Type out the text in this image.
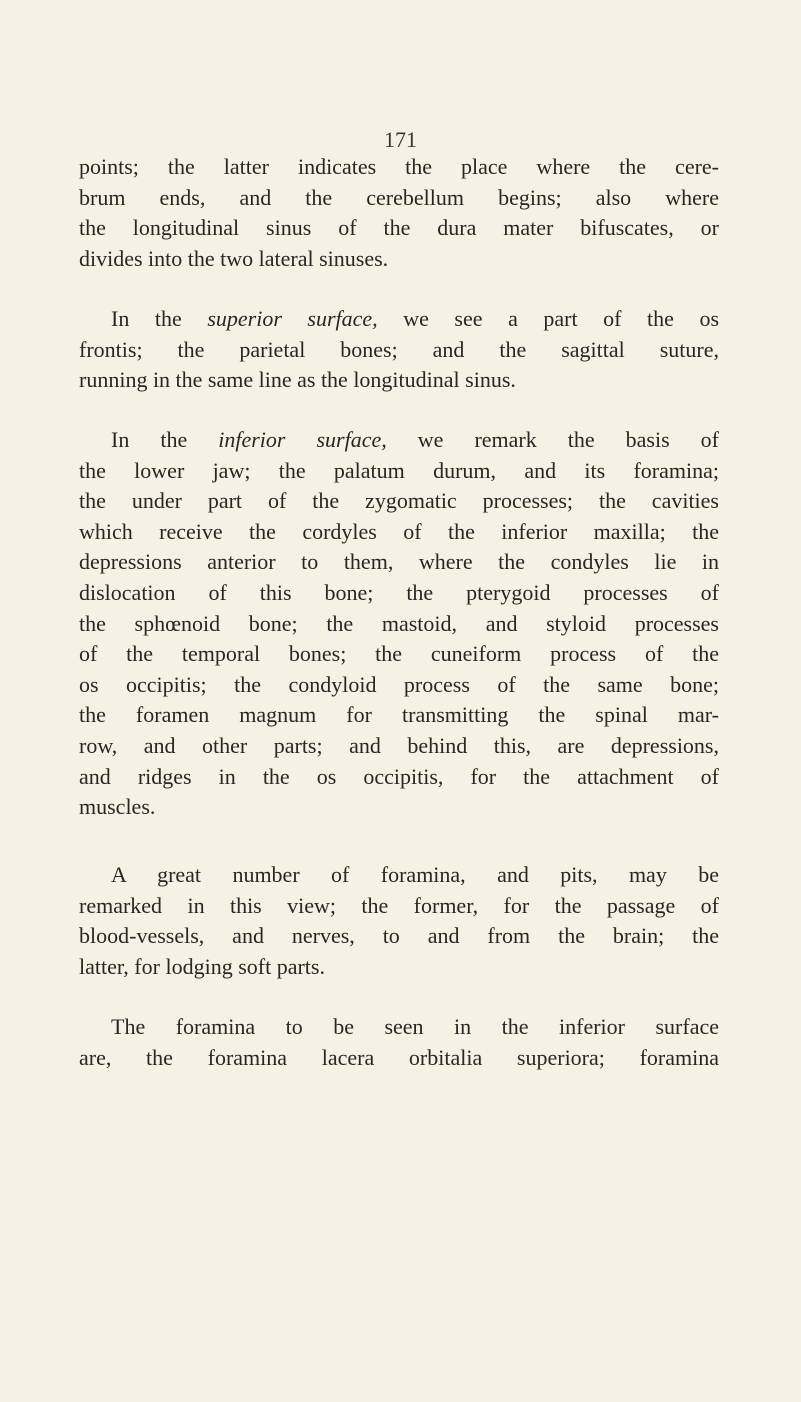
171
points; the latter indicates the place where the cere-
brum ends, and the cerebellum begins; also where
the longitudinal sinus of the dura mater bifuscates, or
divides into the two lateral sinuses.
In the superior surface, we see a part of the os
frontis; the parietal bones; and the sagittal suture,
running in the same line as the longitudinal sinus.
In the inferior surface, we remark the basis of
the lower jaw; the palatum durum, and its foramina;
the under part of the zygomatic processes; the cavities
which receive the cordyles of the inferior maxilla; the
depressions anterior to them, where the condyles lie in
dislocation of this bone; the pterygoid processes of
the sphœnoid bone; the mastoid, and styloid processes
of the temporal bones; the cuneiform process of the
os occipitis; the condyloid process of the same bone;
the foramen magnum for transmitting the spinal mar-
row, and other parts; and behind this, are depressions,
and ridges in the os occipitis, for the attachment of
muscles.
A great number of foramina, and pits, may be
remarked in this view; the former, for the passage of
blood-vessels, and nerves, to and from the brain; the
latter, for lodging soft parts.
The foramina to be seen in the inferior surface
are, the foramina lacera orbitalia superiora; foramina
